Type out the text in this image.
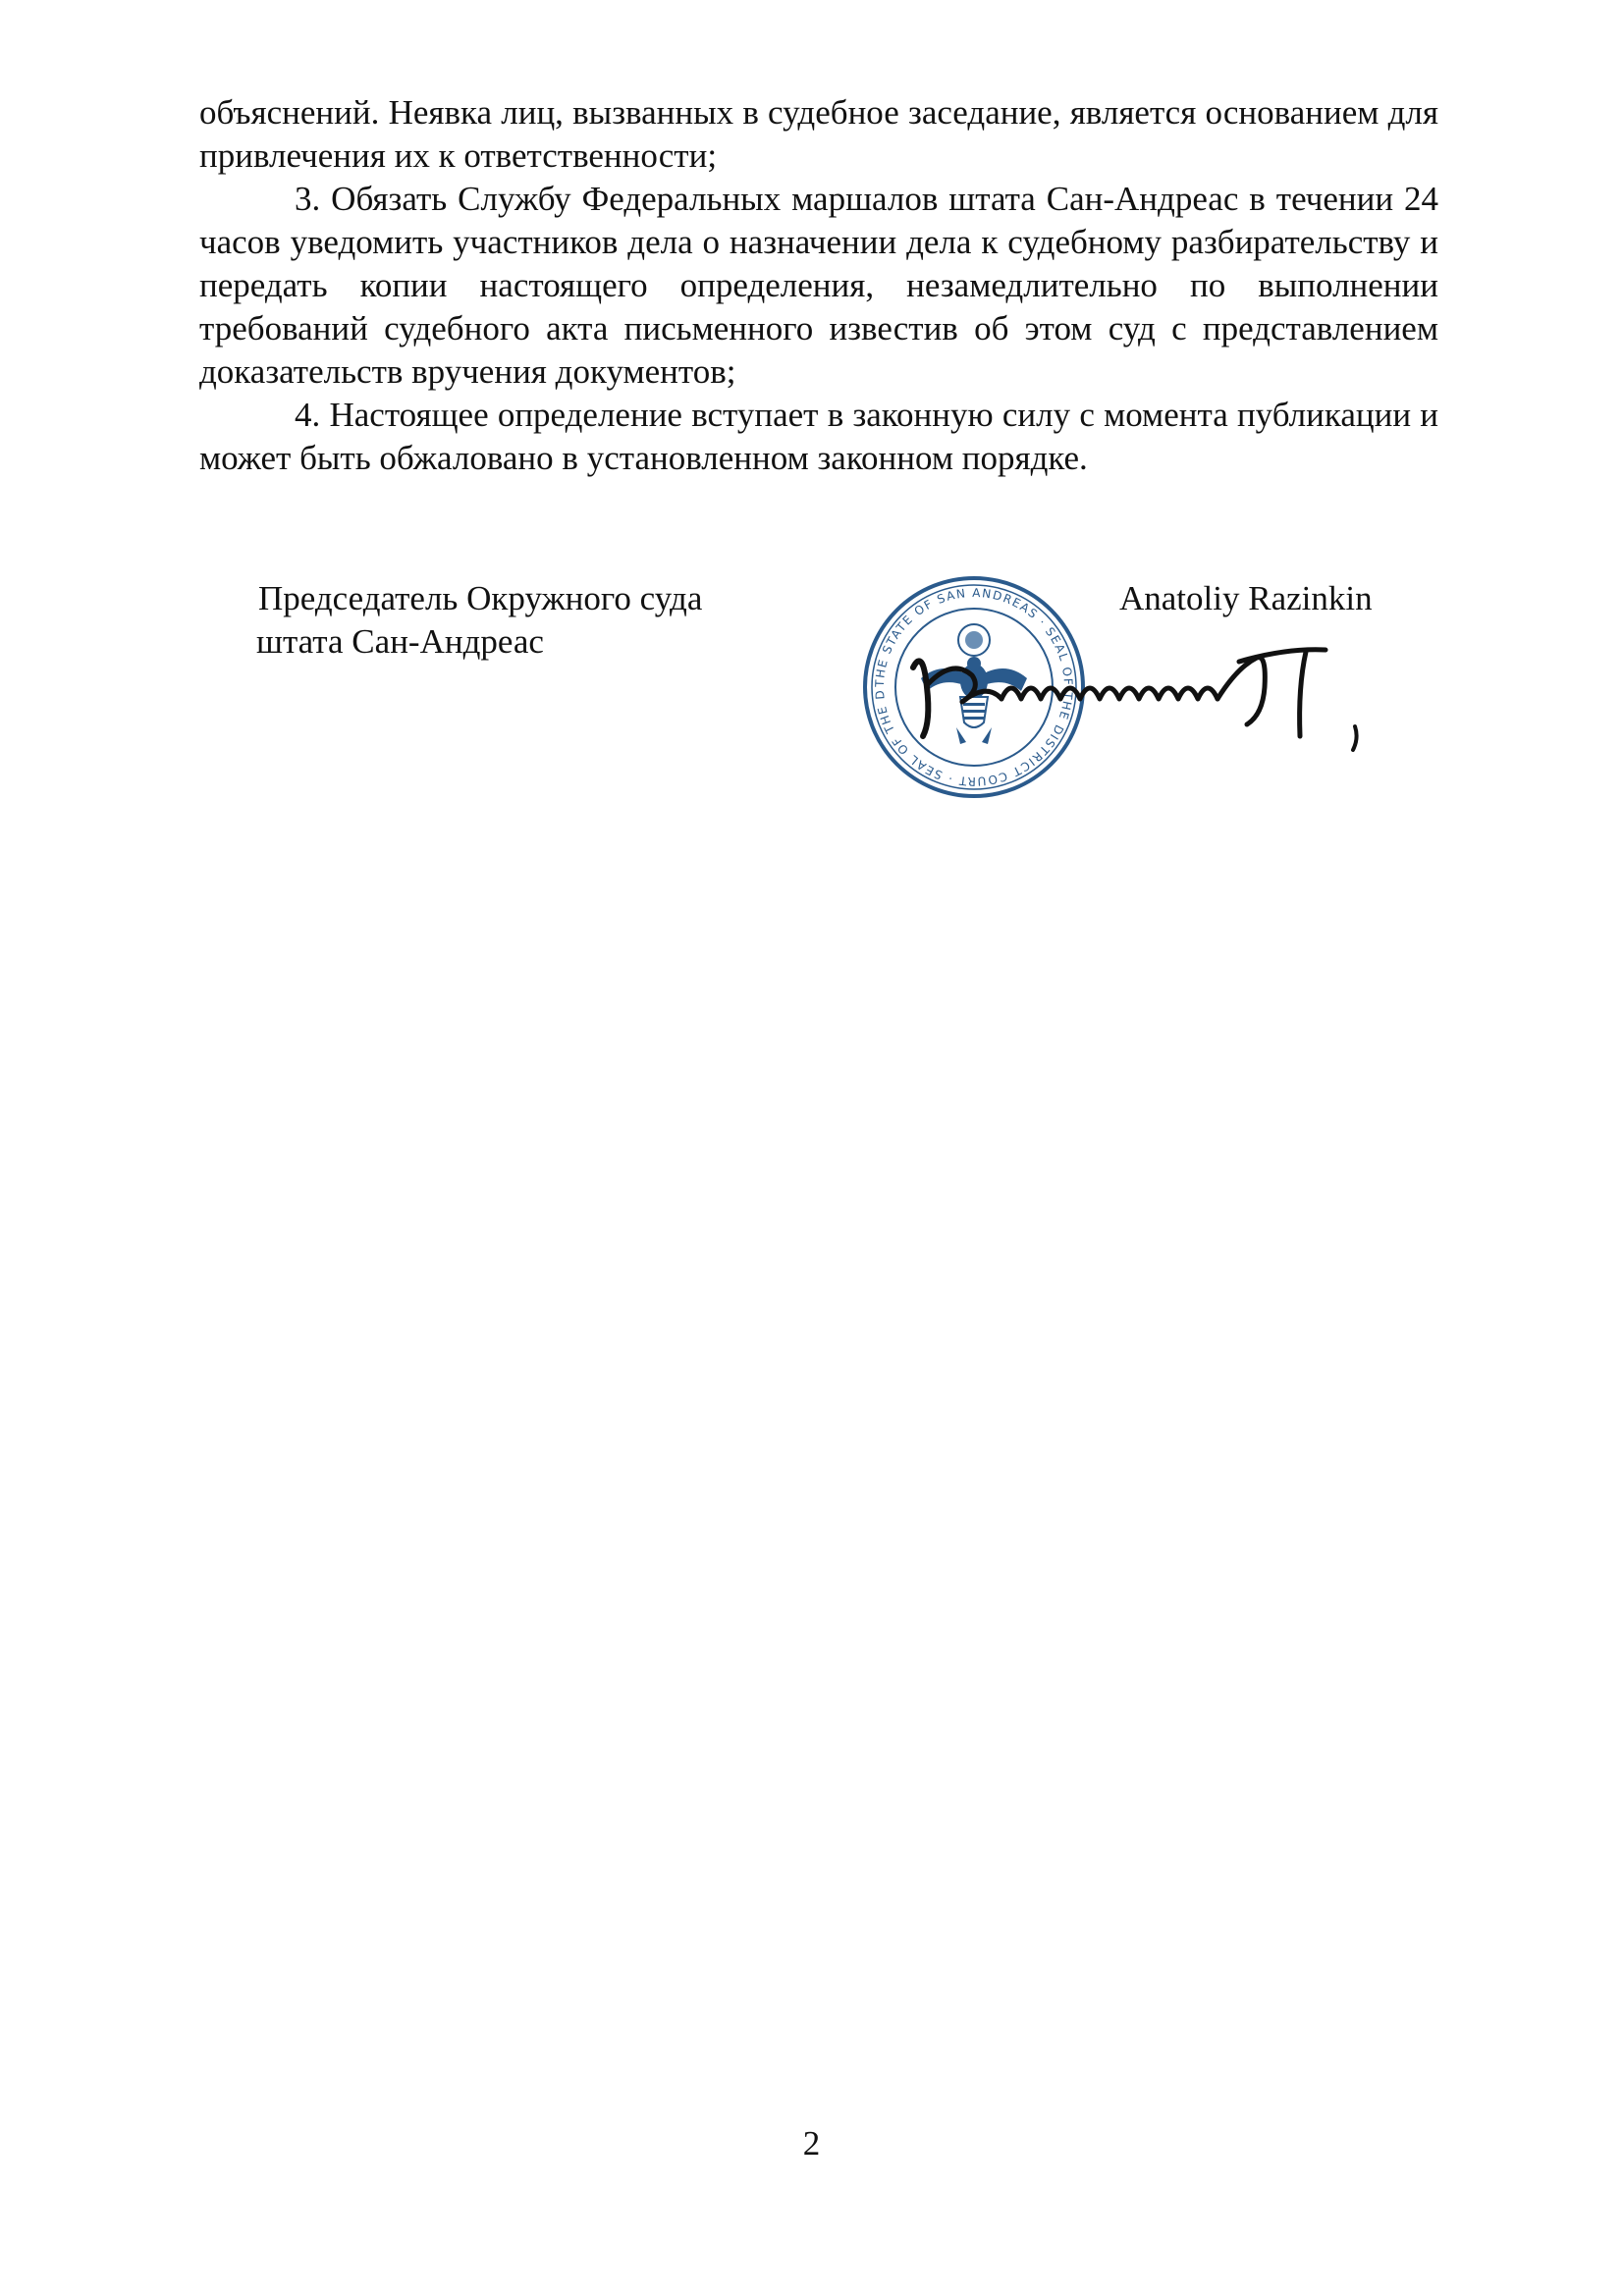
объяснений. Неявка лиц, вызванных в судебное заседание, является основанием для привлечения их к ответственности;

3. Обязать Службу Федеральных маршалов штата Сан-Андреас в течении 24 часов уведомить участников дела о назначении дела к судебному разбирательству и передать копии настоящего определения, незамедлительно по выполнении требований судебного акта письменного известив об этом суд с представлением доказательств вручения документов;

4. Настоящее определение вступает в законную силу с момента публикации и может быть обжаловано в установленном законном порядке.

Председатель Окружного суда
штата Сан-Андреас
THE STATE OF SAN ANDREAS · SEAL OF THE DISTRICT COURT · SEAL OF THE D
Anatoliy Razinkin
2
